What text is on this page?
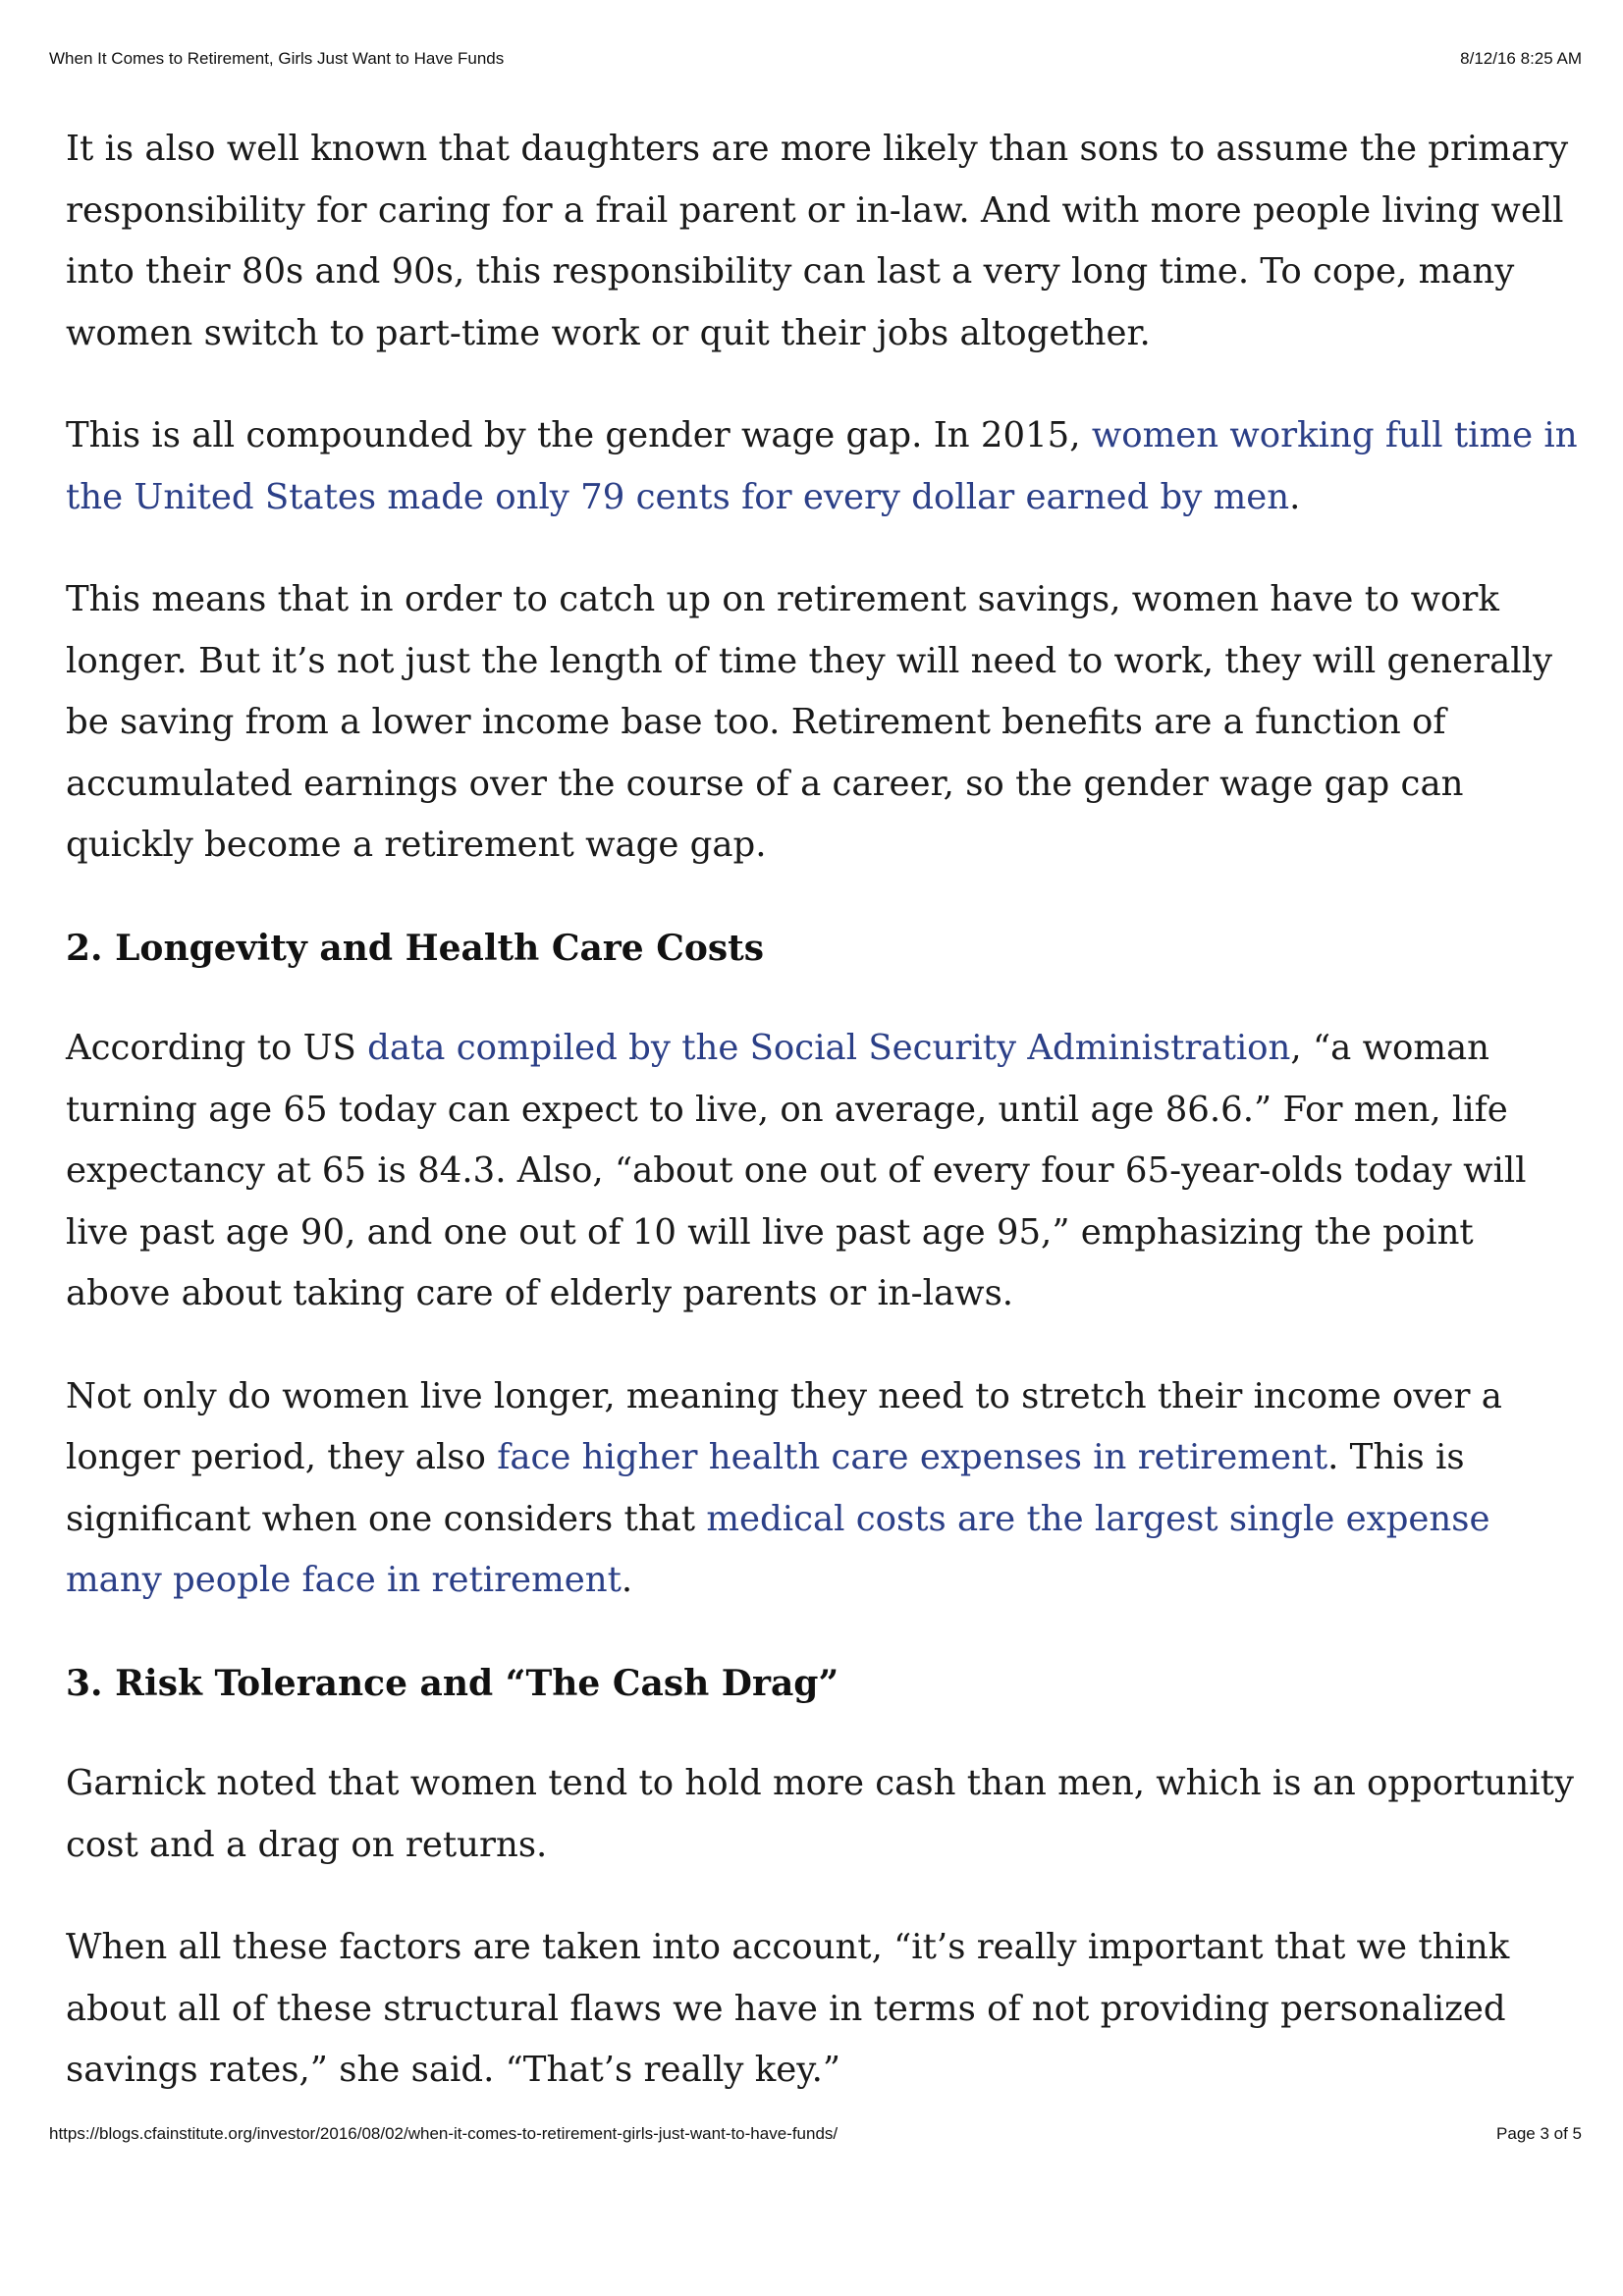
When It Comes to Retirement, Girls Just Want to Have Funds	8/12/16 8:25 AM

It is also well known that daughters are more likely than sons to assume the primary responsibility for caring for a frail parent or in-law. And with more people living well into their 80s and 90s, this responsibility can last a very long time. To cope, many women switch to part-time work or quit their jobs altogether.

This is all compounded by the gender wage gap. In 2015, women working full time in the United States made only 79 cents for every dollar earned by men.

This means that in order to catch up on retirement savings, women have to work longer. But it’s not just the length of time they will need to work, they will generally be saving from a lower income base too. Retirement benefits are a function of accumulated earnings over the course of a career, so the gender wage gap can quickly become a retirement wage gap.

2. Longevity and Health Care Costs

According to US data compiled by the Social Security Administration, “a woman turning age 65 today can expect to live, on average, until age 86.6.” For men, life expectancy at 65 is 84.3. Also, “about one out of every four 65-year-olds today will live past age 90, and one out of 10 will live past age 95,” emphasizing the point above about taking care of elderly parents or in-laws.

Not only do women live longer, meaning they need to stretch their income over a longer period, they also face higher health care expenses in retirement. This is significant when one considers that medical costs are the largest single expense many people face in retirement.

3. Risk Tolerance and “The Cash Drag”

Garnick noted that women tend to hold more cash than men, which is an opportunity cost and a drag on returns.

When all these factors are taken into account, “it’s really important that we think about all of these structural flaws we have in terms of not providing personalized savings rates,” she said. “That’s really key.”

https://blogs.cfainstitute.org/investor/2016/08/02/when-it-comes-to-retirement-girls-just-want-to-have-funds/	Page 3 of 5
